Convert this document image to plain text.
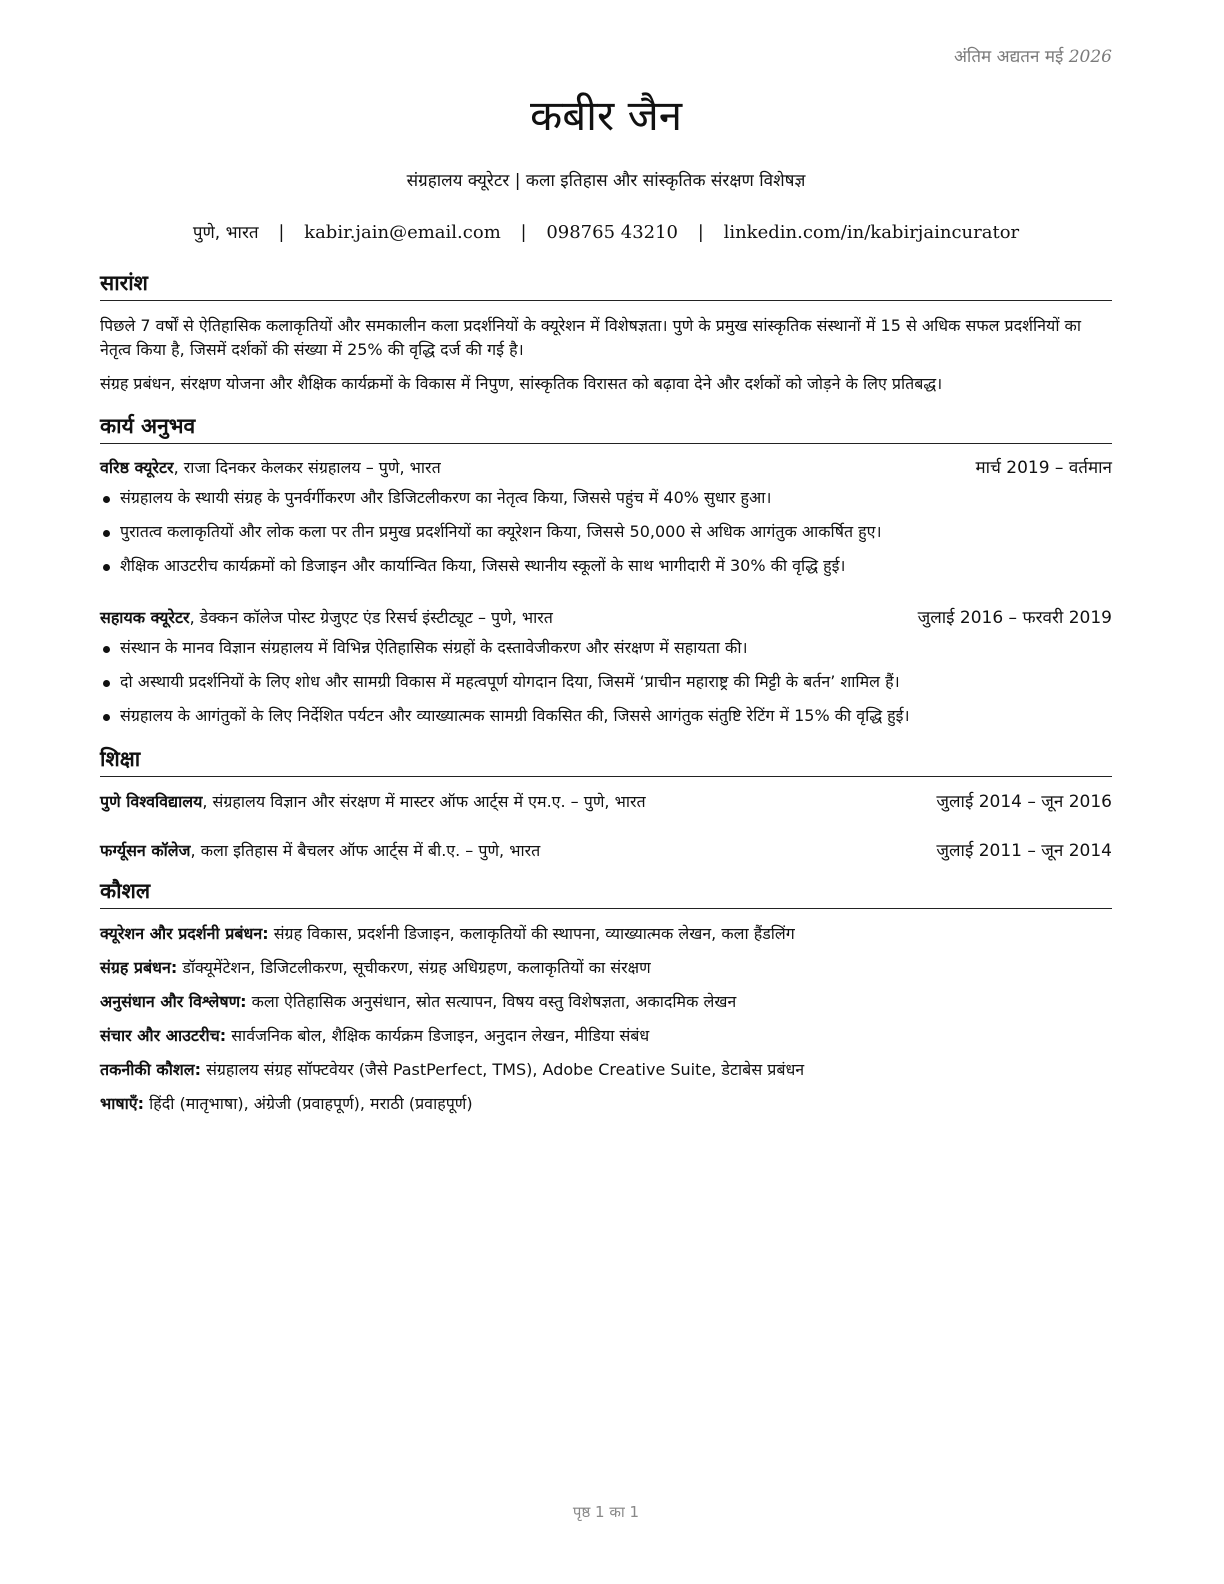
अंतिम अद्यतन मई 2026
कबीर जैन
संग्रहालय क्यूरेटर | कला इतिहास और सांस्कृतिक संरक्षण विशेषज्ञ
पुणे, भारत | kabir.jain@email.com | 098765 43210 | linkedin.com/in/kabirjaincurator
सारांश

पिछले 7 वर्षों से ऐतिहासिक कलाकृतियों और समकालीन कला प्रदर्शनियों के क्यूरेशन में विशेषज्ञता। पुणे के प्रमुख सांस्कृतिक संस्थानों में 15 से अधिक सफल प्रदर्शनियों का नेतृत्व किया है, जिसमें दर्शकों की संख्या में 25% की वृद्धि दर्ज की गई है।

संग्रह प्रबंधन, संरक्षण योजना और शैक्षिक कार्यक्रमों के विकास में निपुण, सांस्कृतिक विरासत को बढ़ावा देने और दर्शकों को जोड़ने के लिए प्रतिबद्ध।

कार्य अनुभव
वरिष्ठ क्यूरेटर, राजा दिनकर केलकर संग्रहालय – पुणे, भारत	मार्च 2019 – वर्तमान
संग्रहालय के स्थायी संग्रह के पुनर्वर्गीकरण और डिजिटलीकरण का नेतृत्व किया, जिससे पहुंच में 40% सुधार हुआ।
पुरातत्व कलाकृतियों और लोक कला पर तीन प्रमुख प्रदर्शनियों का क्यूरेशन किया, जिससे 50,000 से अधिक आगंतुक आकर्षित हुए।
शैक्षिक आउटरीच कार्यक्रमों को डिजाइन और कार्यान्वित किया, जिससे स्थानीय स्कूलों के साथ भागीदारी में 30% की वृद्धि हुई।
सहायक क्यूरेटर, डेक्कन कॉलेज पोस्ट ग्रेजुएट एंड रिसर्च इंस्टीट्यूट – पुणे, भारत	जुलाई 2016 – फरवरी 2019
संस्थान के मानव विज्ञान संग्रहालय में विभिन्न ऐतिहासिक संग्रहों के दस्तावेजीकरण और संरक्षण में सहायता की।
दो अस्थायी प्रदर्शनियों के लिए शोध और सामग्री विकास में महत्वपूर्ण योगदान दिया, जिसमें ‘प्राचीन महाराष्ट्र की मिट्टी के बर्तन’ शामिल हैं।
संग्रहालय के आगंतुकों के लिए निर्देशित पर्यटन और व्याख्यात्मक सामग्री विकसित की, जिससे आगंतुक संतुष्टि रेटिंग में 15% की वृद्धि हुई।
शिक्षा
पुणे विश्वविद्यालय, संग्रहालय विज्ञान और संरक्षण में मास्टर ऑफ आर्ट्स में एम.ए. – पुणे, भारत	जुलाई 2014 – जून 2016
फर्ग्यूसन कॉलेज, कला इतिहास में बैचलर ऑफ आर्ट्स में बी.ए. – पुणे, भारत	जुलाई 2011 – जून 2014
कौशल
क्यूरेशन और प्रदर्शनी प्रबंधन: संग्रह विकास, प्रदर्शनी डिजाइन, कलाकृतियों की स्थापना, व्याख्यात्मक लेखन, कला हैंडलिंग
संग्रह प्रबंधन: डॉक्यूमेंटेशन, डिजिटलीकरण, सूचीकरण, संग्रह अधिग्रहण, कलाकृतियों का संरक्षण
अनुसंधान और विश्लेषण: कला ऐतिहासिक अनुसंधान, स्रोत सत्यापन, विषय वस्तु विशेषज्ञता, अकादमिक लेखन
संचार और आउटरीच: सार्वजनिक बोल, शैक्षिक कार्यक्रम डिजाइन, अनुदान लेखन, मीडिया संबंध
तकनीकी कौशल: संग्रहालय संग्रह सॉफ्टवेयर (जैसे PastPerfect, TMS), Adobe Creative Suite, डेटाबेस प्रबंधन
भाषाएँ: हिंदी (मातृभाषा), अंग्रेजी (प्रवाहपूर्ण), मराठी (प्रवाहपूर्ण)
पृष्ठ 1 का 1
